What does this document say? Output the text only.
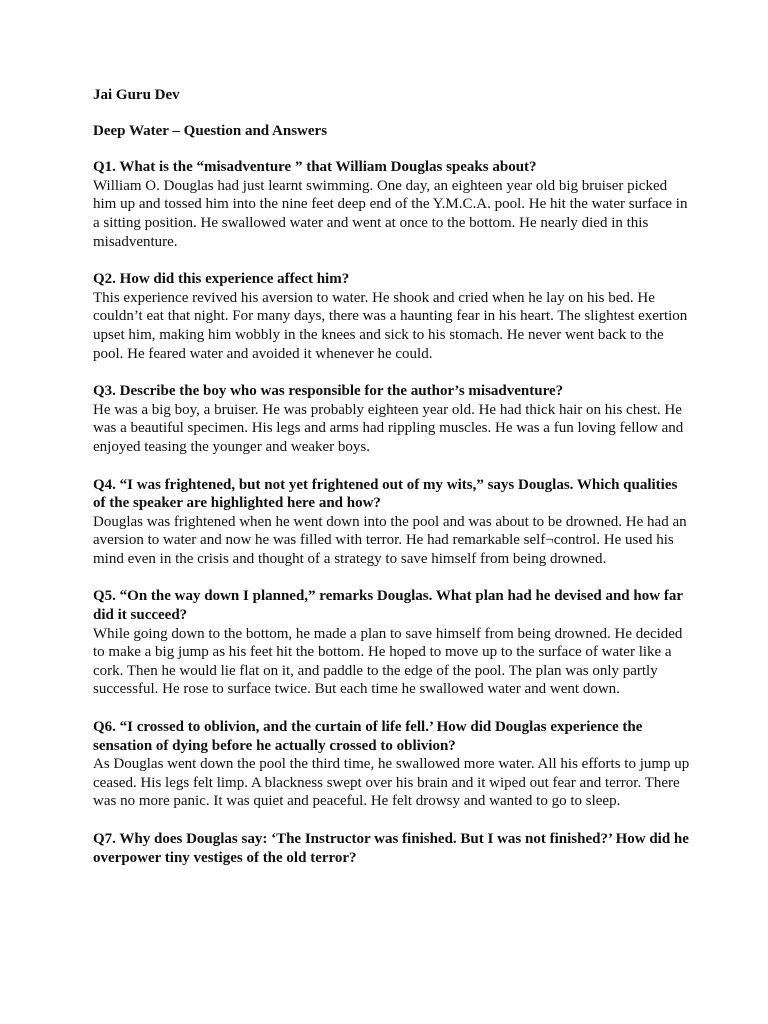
Jai Guru Dev

Deep Water – Question and Answers

Q1. What is the “misadventure ” that William Douglas speaks about?

William O. Douglas had just learnt swimming. One day, an eighteen year old big bruiser picked him up and tossed him into the nine feet deep end of the Y.M.C.A. pool. He hit the water surface in a sitting position. He swallowed water and went at once to the bottom. He nearly died in this misadventure.

Q2. How did this experience affect him?

This experience revived his aversion to water. He shook and cried when he lay on his bed. He couldn’t eat that night. For many days, there was a haunting fear in his heart. The slightest exertion upset him, making him wobbly in the knees and sick to his stomach. He never went back to the pool. He feared water and avoided it whenever he could.

Q3. Describe the boy who was responsible for the author’s misadventure?

He was a big boy, a bruiser. He was probably eighteen year old. He had thick hair on his chest. He was a beautiful specimen. His legs and arms had rippling muscles. He was a fun loving fellow and enjoyed teasing the younger and weaker boys.

Q4. “I was frightened, but not yet frightened out of my wits,” says Douglas. Which qualities of the speaker are highlighted here and how?

Douglas was frightened when he went down into the pool and was about to be drowned. He had an aversion to water and now he was filled with terror. He had remarkable self¬control. He used his mind even in the crisis and thought of a strategy to save himself from being drowned.

Q5. “On the way down I planned,” remarks Douglas. What plan had he devised and how far did it succeed?

While going down to the bottom, he made a plan to save himself from being drowned. He decided to make a big jump as his feet hit the bottom. He hoped to move up to the surface of water like a cork. Then he would lie flat on it, and paddle to the edge of the pool. The plan was only partly successful. He rose to surface twice. But each time he swallowed water and went down.

Q6. “I crossed to oblivion, and the curtain of life fell.’ How did Douglas experience the sensation of dying before he actually crossed to oblivion?

As Douglas went down the pool the third time, he swallowed more water. All his efforts to jump up ceased. His legs felt limp. A blackness swept over his brain and it wiped out fear and terror. There was no more panic. It was quiet and peaceful. He felt drowsy and wanted to go to sleep.

Q7. Why does Douglas say: ‘The Instructor was finished. But I was not finished?’ How did he overpower tiny vestiges of the old terror?
